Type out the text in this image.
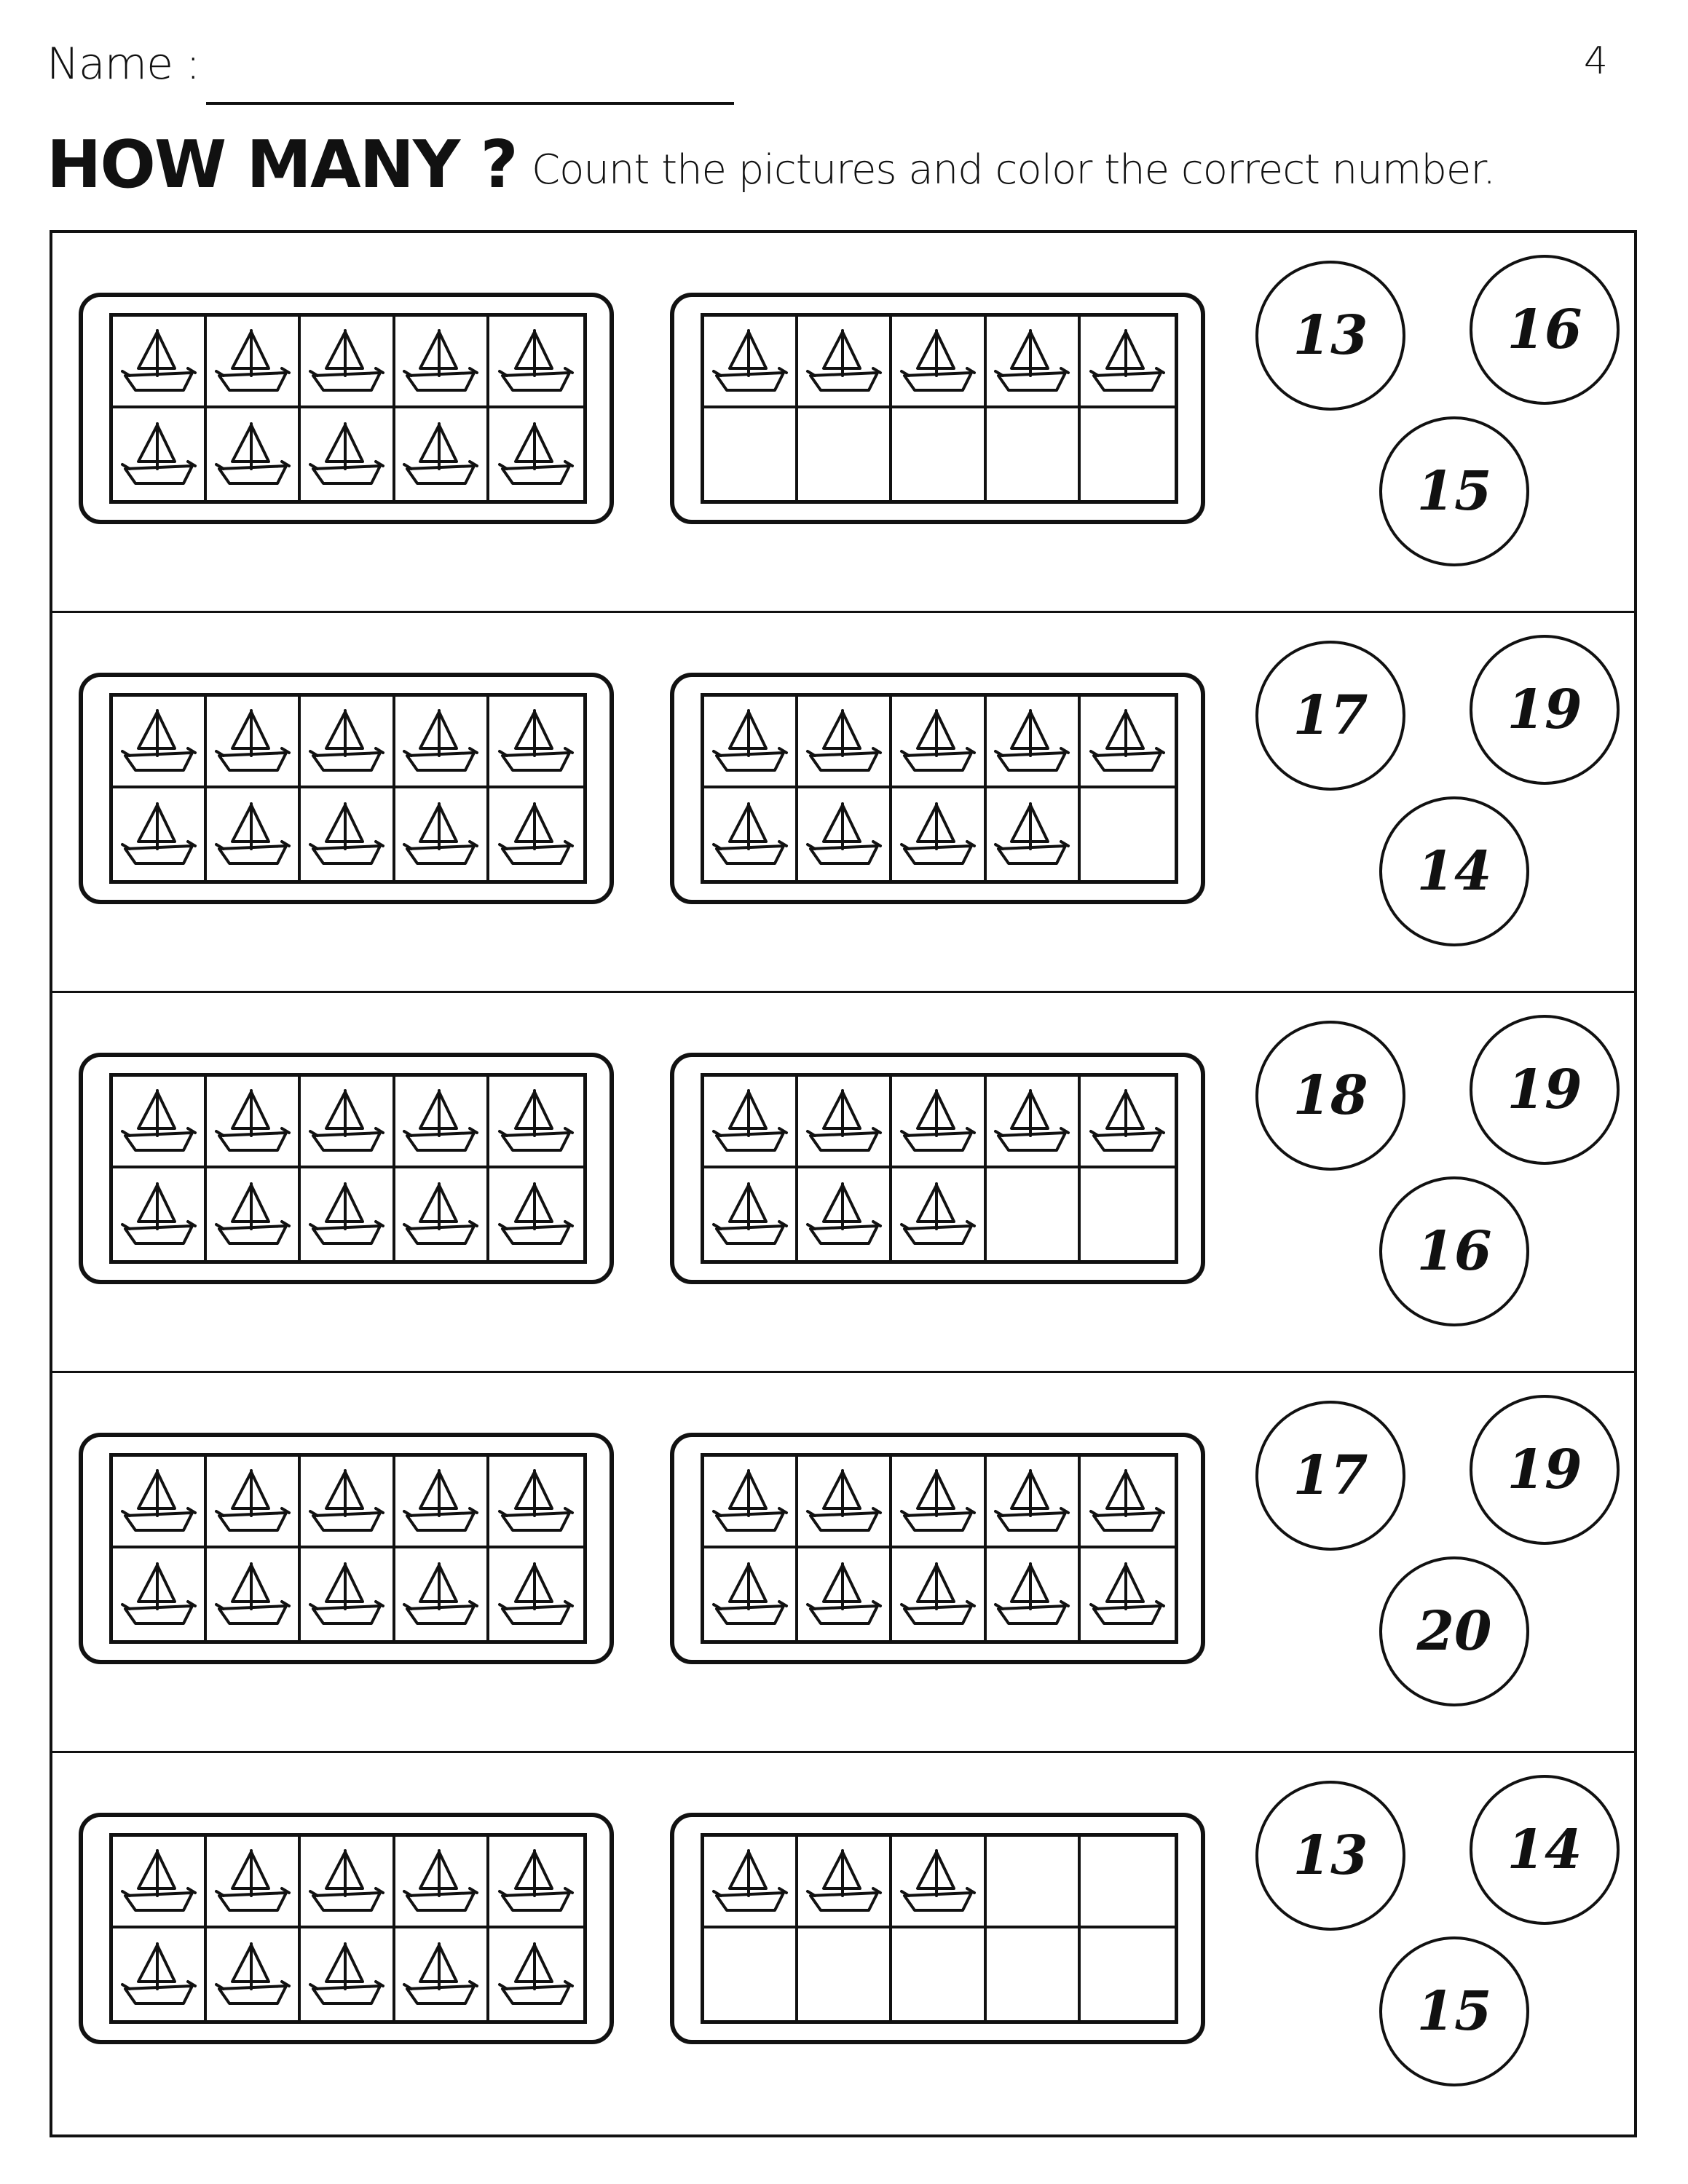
Name :	4
HOW MANY ? Count the pictures and color the correct number.
13	16
15
17	19
14
18	19
16
17	19
20
13	14
15
